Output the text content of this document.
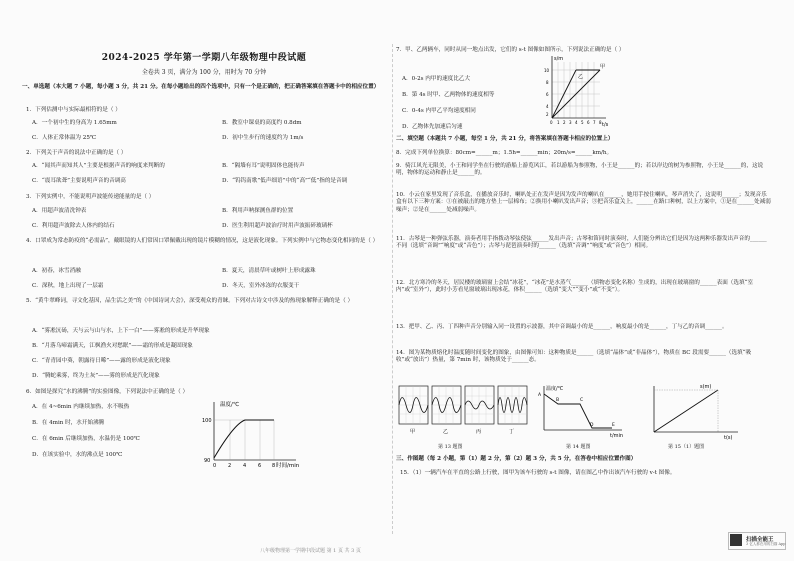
2024-2025 学年第一学期八年级物理中段试题
全卷共 3 页，满分为 100 分，用时为 70 分钟
一、单选题（本大题 7 小题，每小题 3 分，共 21 分。在每小题给出的四个选项中，只有一个是正确的，把正确答案填在答题卡中的相应位置）
1．下列估测中与实际最相符的是（ ）
A．一个初中生的身高为 1.65mm	B．教室中课桌的高度约 0.8dm
C．人体正常体温为 25℃	D．初中生步行的速度约为 1m/s
2．下列关于声音的说法中正确的是（ ）
A．“闻其声而知其人”主要是根据声音的响度来判断的	B．“隔墙有耳”说明固体也能传声
C．“震耳欲聋”主要说明声音的音调高	D．“钨钨南歌”低声细语”中的“高”“低”指的是音调
3．下列实例中，不能说明声波能传递能量的是（ ）
A．用超声波清洗钟表	B．利用声呐探测鱼群的位置
C．利用超声波除去人体内的结石	D．医生利用超声波治疗时用声波振碎玻璃杯
4．口罩成为常态防疫的“必需品”，戴眼镜的人们常因口罩佩戴出现的镜片模糊的情况，这是液化现象。下列实例中与它物态变化相同的是（ ）
A．初春，冰雪消融	B．夏天，清晨草叶或树叶上形成露珠
C．深秋，地上出现了一层霜	D．冬天，室外冰冻的衣服变干
5．“黄牛翠峰词，寻文化基因，品生活之美”的《中国诗词大会》，深受观众的青睐。下列对古诗文中涉及的热现象解释正确的是（ ）
A．“雾凇沆砀，天与云与山与水，上下一白”——雾凇的形成是升华现象
B．“月落乌啼霜满天，江枫渔火对愁眠”——霜的形成是凝固现象
C．“青青园中葵，朝露待日晞”——露的形成是液化现象
D．“腾蛇乘雾，终为土灰”——雾的形成是汽化现象
6．如图是探究“水的沸腾”的实验图像，下列说法中正确的是（ ）
A．在 4~6min 内继续加热，水不吸热
B．在 4min 时，水开始沸腾
C．在 6min 后继续加热，水温仍是 100℃
D．在该实验中，水的沸点是 100℃
温度/℃
时间/min
100
90
0 2 4 6 8
7．甲、乙两辆车，同时从同一地点出发，它们的 s-t 图像如图所示，下列说法正确的是（ ）
A．0-2s 内甲的速度比乙大
B．第 4s 时甲、乙两物体的速度相等
C．0-4s 内甲乙平均速度相同
D．乙物体先加速后匀速
s/m
t/s
甲
乙
10
8
6
4
2
0 1 2 3 4 5 6 7 8
二、填空题（本题共 7 小题，每空 1 分，共 21 分，将答案填在答题卡相应的位置上）
8．完成下列单位换算：80cm=______m；1.5h=______min；20m/s=______km/h。
9．骑江风光无限美，小王和同学坐在行驶的游船上游览风江，若以游船为参照物，小王是______的；若以岸边的树为参照物，小王是______的，这说明，物体的运动和静止是______的。
10．小云在家里发现了音乐盒，在播放音乐时，喇叭处正在发声是因为发声的喇叭在______，她用手按住喇叭，琴声消失了，这说明______；发现音乐盒有以下三种方案：①在被敲击的地方垫上一层棉布；②换用小喇叭发出声音；③把音乐盒关上，______在路口种树，以上方案中，①是在______处减弱噪声；②是在______处减弱噪声。
11．古琴是一种弹弦乐器，演奏者用手指拨动琴弦使弦______发出声音；古琴和笛同时演奏时，人们能分辨出它们是因为这两种乐器发出声音的______不同（选填“音调”“响度”或“音色”）；古琴与琵琶演奏时的______（选填“音调”“响度”或“音色”）相同。
12．北方寒冷的冬天，居民楼的玻璃窗上会结“冰花”，“冰花”是水蒸气______（填物态变化名称）生成的，出现在玻璃窗的______表面（选填“室内”或“室外”），此时小芳看见窗玻璃出现冰花，体积______（选填“变大”“变小”或“不变”）。
13．把甲、乙、丙、丁四种声音分别输入同一设置的示波器，其中音调最小的是______，响度最小的是______，丁与乙的音调______。
14．图为某物质熔化时温度随时间变化的图象，由图像可知：这种物质是______（选填“晶体”或“非晶体”），物质在 BC 段需要______（选填“吸收”或“放出”）热量，第 7min 时，该物质处于______态。
甲	乙	丙	丁
温度/℃
t/min
A
B	C
D	E
s(m)
t(s)
第 13 题图	第 14 题图	第 15（1）题图
三、作图题（每 2 小题，第（1）题 2 分，第（2）题 3 分，共 5 分，在答卷中相应位置作图）
15．（1）一辆汽车在平直的公路上行驶，图甲为该车行驶的 s-t 图像，请在图乙中作出该汽车行驶的 v-t 图像。
八年级物理第一学期中段试题 第 1 页 共 3 页
扫描全能王
3 亿人都在用的扫描 App
